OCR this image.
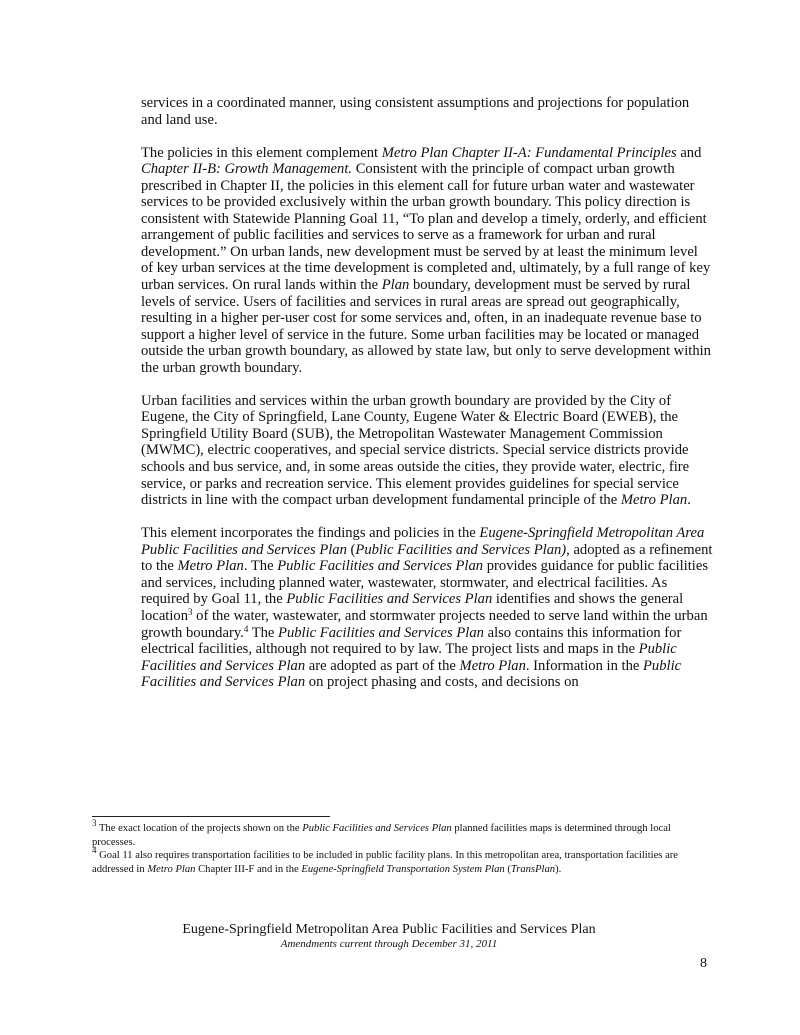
services in a coordinated manner, using consistent assumptions and projections for population and land use.

The policies in this element complement Metro Plan Chapter II-A: Fundamental Principles and Chapter II-B: Growth Management. Consistent with the principle of compact urban growth prescribed in Chapter II, the policies in this element call for future urban water and wastewater services to be provided exclusively within the urban growth boundary. This policy direction is consistent with Statewide Planning Goal 11, “To plan and develop a timely, orderly, and efficient arrangement of public facilities and services to serve as a framework for urban and rural development.” On urban lands, new development must be served by at least the minimum level of key urban services at the time development is completed and, ultimately, by a full range of key urban services. On rural lands within the Plan boundary, development must be served by rural levels of service. Users of facilities and services in rural areas are spread out geographically, resulting in a higher per-user cost for some services and, often, in an inadequate revenue base to support a higher level of service in the future. Some urban facilities may be located or managed outside the urban growth boundary, as allowed by state law, but only to serve development within the urban growth boundary.

Urban facilities and services within the urban growth boundary are provided by the City of Eugene, the City of Springfield, Lane County, Eugene Water & Electric Board (EWEB), the Springfield Utility Board (SUB), the Metropolitan Wastewater Management Commission (MWMC), electric cooperatives, and special service districts. Special service districts provide schools and bus service, and, in some areas outside the cities, they provide water, electric, fire service, or parks and recreation service. This element provides guidelines for special service districts in line with the compact urban development fundamental principle of the Metro Plan.

This element incorporates the findings and policies in the Eugene-Springfield Metropolitan Area Public Facilities and Services Plan (Public Facilities and Services Plan), adopted as a refinement to the Metro Plan. The Public Facilities and Services Plan provides guidance for public facilities and services, including planned water, wastewater, stormwater, and electrical facilities. As required by Goal 11, the Public Facilities and Services Plan identifies and shows the general location$^3$ of the water, wastewater, and stormwater projects needed to serve land within the urban growth boundary.$^4$ The Public Facilities and Services Plan also contains this information for electrical facilities, although not required to by law. The project lists and maps in the Public Facilities and Services Plan are adopted as part of the Metro Plan. Information in the Public Facilities and Services Plan on project phasing and costs, and decisions on

$^3$ The exact location of the projects shown on the Public Facilities and Services Plan planned facilities maps is determined through local processes.

$^4$ Goal 11 also requires transportation facilities to be included in public facility plans. In this metropolitan area, transportation facilities are addressed in Metro Plan Chapter III-F and in the Eugene-Springfield Transportation System Plan (TransPlan).

Eugene-Springfield Metropolitan Area Public Facilities and Services Plan
Amendments current through December 31, 2011
8
